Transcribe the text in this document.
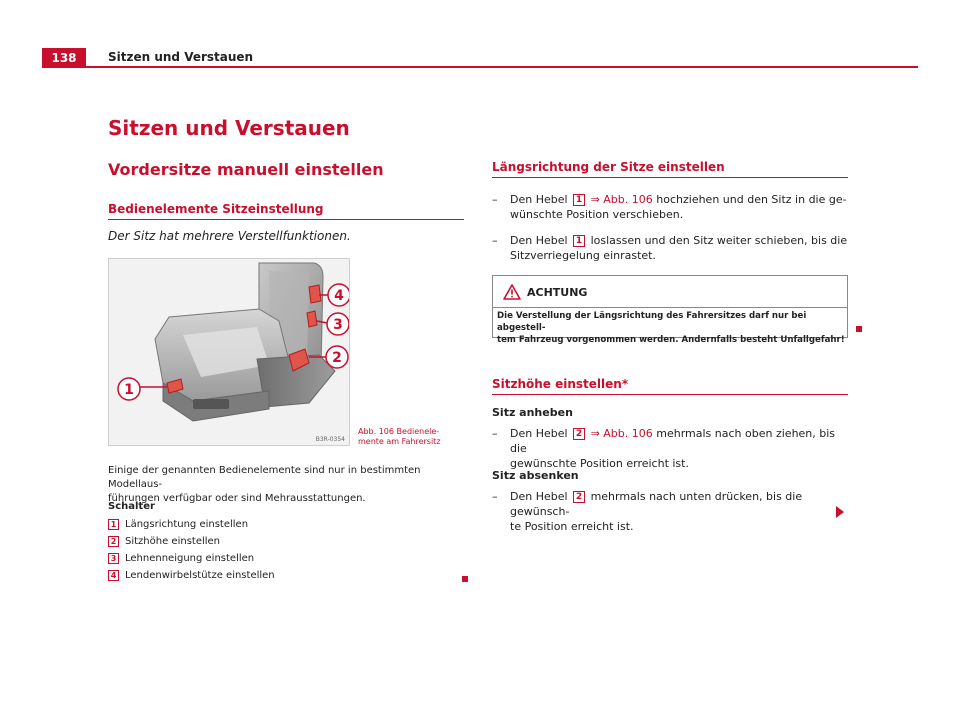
138	Sitzen und Verstauen
Sitzen und Verstauen
Vordersitze manuell einstellen
Bedienelemente Sitzeinstellung
Der Sitz hat mehrere Verstellfunktionen.
1
2
3
4
B3R-0354
Abb. 106 Bedienele-
mente am Fahrersitz
Einige der genannten Bedienelemente sind nur in bestimmten Modellaus-
führungen verfügbar oder sind Mehrausstattungen.
Schalter
1 Längsrichtung einstellen
2 Sitzhöhe einstellen
3 Lehnenneigung einstellen
4 Lendenwirbelstütze einstellen
Längsrichtung der Sitze einstellen
–	Den Hebel 1 ⇒ Abb. 106 hochziehen und den Sitz in die ge-
wünschte Position verschieben.
–	Den Hebel 1 loslassen und den Sitz weiter schieben, bis die
Sitzverriegelung einrastet.
ACHTUNG
Die Verstellung der Längsrichtung des Fahrersitzes darf nur bei abgestell-
tem Fahrzeug vorgenommen werden. Andernfalls besteht Unfallgefahr!
Sitzhöhe einstellen*
Sitz anheben
–	Den Hebel 2 ⇒ Abb. 106 mehrmals nach oben ziehen, bis die
gewünschte Position erreicht ist.
Sitz absenken
–	Den Hebel 2 mehrmals nach unten drücken, bis die gewünsch-
te Position erreicht ist.
